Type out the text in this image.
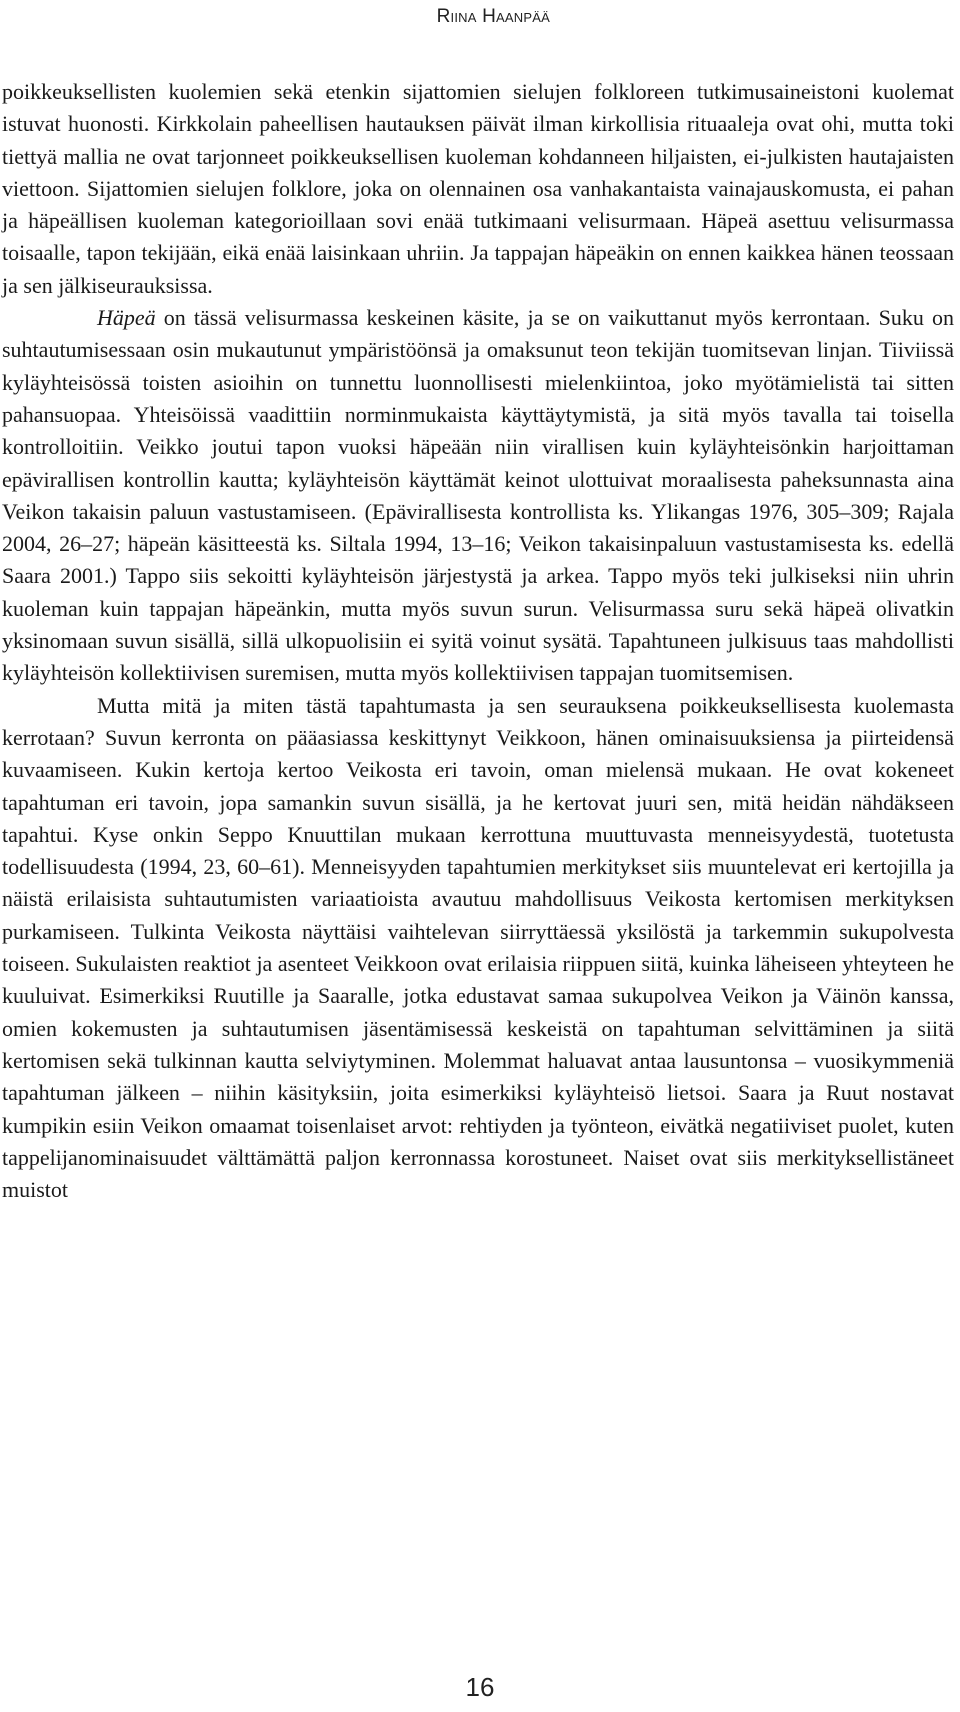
Riina Haanpää

poikkeuksellisten kuolemien sekä etenkin sijattomien sielujen folkloreen tutkimusaineistoni kuolemat istuvat huonosti. Kirkkolain paheellisen hautauksen päivät ilman kirkollisia rituaaleja ovat ohi, mutta toki tiettyä mallia ne ovat tarjonneet poikkeuksellisen kuoleman kohdanneen hiljaisten, ei-julkisten hautajaisten viettoon. Sijattomien sielujen folklore, joka on olennainen osa vanhakantaista vainajauskomusta, ei pahan ja häpeällisen kuoleman kategorioillaan sovi enää tutkimaani velisurmaan. Häpeä asettuu velisurmassa toisaalle, tapon tekijään, eikä enää laisinkaan uhriin. Ja tappajan häpeäkin on ennen kaikkea hänen teossaan ja sen jälkiseurauksissa.

Häpeä on tässä velisurmassa keskeinen käsite, ja se on vaikuttanut myös kerrontaan. Suku on suhtautumisessaan osin mukautunut ympäristöönsä ja omaksunut teon tekijän tuomitsevan linjan. Tiiviissä kyläyhteisössä toisten asioihin on tunnettu luonnollisesti mielenkiintoa, joko myötämielistä tai sitten pahansuopaa. Yhteisöissä vaadittiin norminmukaista käyttäytymistä, ja sitä myös tavalla tai toisella kontrolloitiin. Veikko joutui tapon vuoksi häpeään niin virallisen kuin kyläyhteisönkin harjoittaman epävirallisen kontrollin kautta; kyläyhteisön käyttämät keinot ulottuivat moraalisesta paheksunnasta aina Veikon takaisin paluun vastustamiseen. (Epävirallisesta kontrollista ks. Ylikangas 1976, 305–309; Rajala 2004, 26–27; häpeän käsitteestä ks. Siltala 1994, 13–16; Veikon takaisinpaluun vastustamisesta ks. edellä Saara 2001.) Tappo siis sekoitti kyläyhteisön järjestystä ja arkea. Tappo myös teki julkiseksi niin uhrin kuoleman kuin tappajan häpeänkin, mutta myös suvun surun. Velisurmassa suru sekä häpeä olivatkin yksinomaan suvun sisällä, sillä ulkopuolisiin ei syitä voinut sysätä. Tapahtuneen julkisuus taas mahdollisti kyläyhteisön kollektiivisen suremisen, mutta myös kollektiivisen tappajan tuomitsemisen.

Mutta mitä ja miten tästä tapahtumasta ja sen seurauksena poikkeuksellisesta kuolemasta kerrotaan? Suvun kerronta on pääasiassa keskittynyt Veikkoon, hänen ominaisuuksiensa ja piirteidensä kuvaamiseen. Kukin kertoja kertoo Veikosta eri tavoin, oman mielensä mukaan. He ovat kokeneet tapahtuman eri tavoin, jopa samankin suvun sisällä, ja he kertovat juuri sen, mitä heidän nähdäkseen tapahtui. Kyse onkin Seppo Knuuttilan mukaan kerrottuna muuttuvasta menneisyydestä, tuotetusta todellisuudesta (1994, 23, 60–61). Menneisyyden tapahtumien merkitykset siis muuntelevat eri kertojilla ja näistä erilaisista suhtautumisten variaatioista avautuu mahdollisuus Veikosta kertomisen merkityksen purkamiseen. Tulkinta Veikosta näyttäisi vaihtelevan siirryttäessä yksilöstä ja tarkemmin sukupolvesta toiseen. Sukulaisten reaktiot ja asenteet Veikkoon ovat erilaisia riippuen siitä, kuinka läheiseen yhteyteen he kuuluivat. Esimerkiksi Ruutille ja Saaralle, jotka edustavat samaa sukupolvea Veikon ja Väinön kanssa, omien kokemusten ja suhtautumisen jäsentämisessä keskeistä on tapahtuman selvittäminen ja siitä kertomisen sekä tulkinnan kautta selviytyminen. Molemmat haluavat antaa lausuntonsa – vuosikymmeniä tapahtuman jälkeen – niihin käsityksiin, joita esimerkiksi kyläyhteisö lietsoi. Saara ja Ruut nostavat kumpikin esiin Veikon omaamat toisenlaiset arvot: rehtiyden ja työnteon, eivätkä negatiiviset puolet, kuten tappelijanominaisuudet välttämättä paljon kerronnassa korostuneet. Naiset ovat siis merkityksellistäneet muistot

16
